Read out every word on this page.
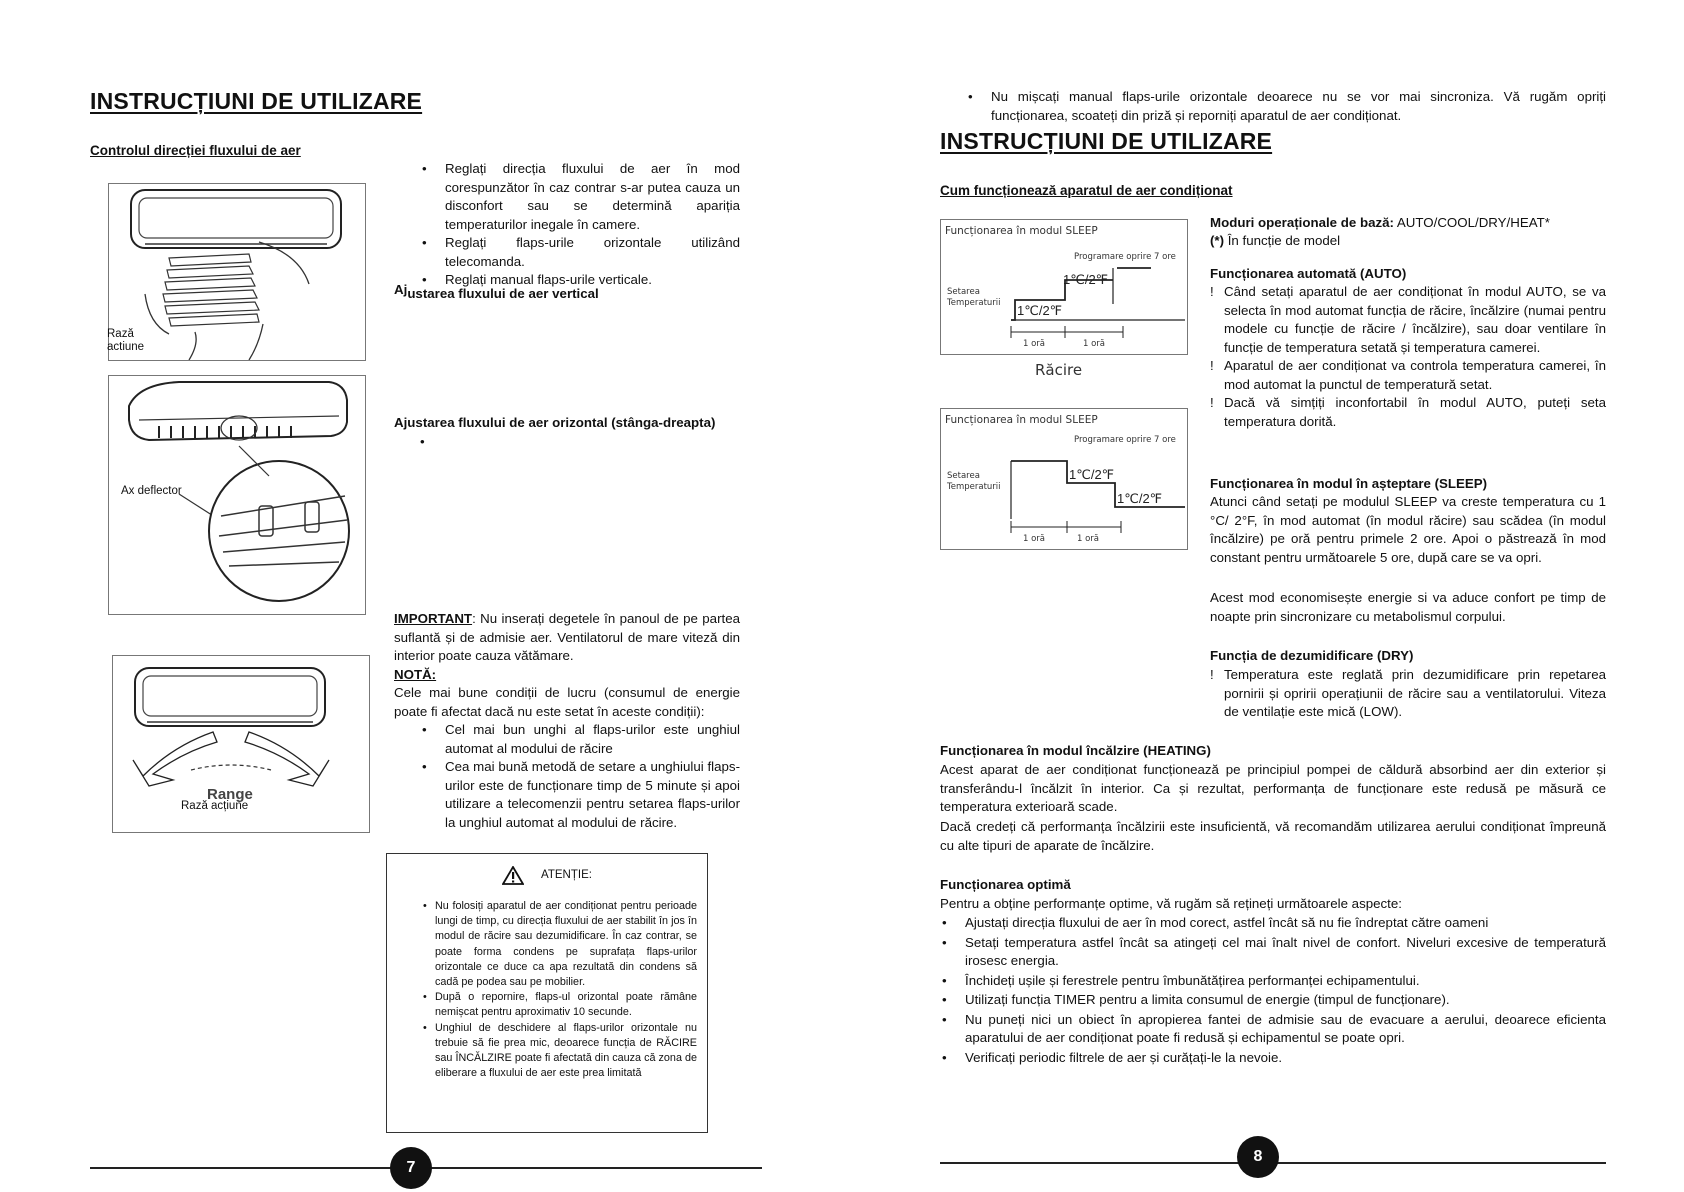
INSTRUCȚIUNI DE UTILIZARE
Controlul direcției fluxului de aer
• Reglați direcția fluxului de aer în mod corespunzător în caz contrar s-ar putea cauza un disconfort sau se determină apariția temperaturilor inegale în camere.
• Reglați flaps-urile orizontale utilizând telecomanda.
• Reglați manual flaps-urile verticale.
Ajustarea fluxului de aer vertical
Rază actiune
Ax deflector
Ajustarea fluxului de aer orizontal (stânga-dreapta)
•
Range
Rază acțiune
IMPORTANT: Nu inserați degetele în panoul de pe partea suflantă și de admisie aer. Ventilatorul de mare viteză din interior poate cauza vătămare.
NOTĂ:
Cele mai bune condiții de lucru (consumul de energie poate fi afectat dacă nu este setat în aceste condiții):
• Cel mai bun unghi al flaps-urilor este unghiul automat al modului de răcire
• Cea mai bună metodă de setare a unghiului flaps-urilor este de funcționare timp de 5 minute și apoi utilizare a telecomenzii pentru setarea flaps-urilor la unghiul automat al modului de răcire.
ATENȚIE:
• Nu folosiți aparatul de aer condiționat pentru perioade lungi de timp, cu direcția fluxului de aer stabilit în jos în modul de răcire sau dezumidificare. În caz contrar, se poate forma condens pe suprafața flaps-urilor orizontale ce duce ca apa rezultată din condens să cadă pe podea sau pe mobilier.
• După o repornire, flaps-ul orizontal poate rămâne nemișcat pentru aproximativ 10 secunde.
• Unghiul de deschidere al flaps-urilor orizontale nu trebuie să fie prea mic, deoarece funcția de RĂCIRE sau ÎNCĂLZIRE poate fi afectată din cauza că zona de eliberare a fluxului de aer este prea limitată
7
• Nu mișcați manual flaps-urile orizontale deoarece nu se vor mai sincroniza. Vă rugăm opriți funcționarea, scoateți din priză și reporniți aparatul de aer condiționat.
INSTRUCȚIUNI DE UTILIZARE
Cum funcționează aparatul de aer condiționat
Funcționarea în modul SLEEP
Programare oprire 7 ore
Setarea
Temperaturii 1℃/2℉
1℃/2℉
1 oră	1 oră
Răcire
Funcționarea în modul SLEEP
Programare oprire 7 ore
Setarea
Temperaturii
1℃/2℉
1℃/2℉
1 oră	1 oră
Moduri operaționale de bază: AUTO/COOL/DRY/HEAT*
(*) În funcție de model
Funcționarea automată (AUTO)
! Când setați aparatul de aer condiționat în modul AUTO, se va selecta în mod automat funcția de răcire, încălzire (numai pentru modele cu funcție de răcire / încălzire), sau doar ventilare în funcție de temperatura setată și temperatura camerei.
! Aparatul de aer condiționat va controla temperatura camerei, în mod automat la punctul de temperatură setat.
! Dacă vă simțiți inconfortabil în modul AUTO, puteți seta temperatura dorită.
Funcționarea în modul în așteptare (SLEEP)
Atunci când setați pe modulul SLEEP va creste temperatura cu 1 °C/ 2°F, în mod automat (în modul răcire) sau scădea (în modul încălzire) pe oră pentru primele 2 ore. Apoi o păstrează în mod constant pentru următoarele 5 ore, după care se va opri.
Acest mod economisește energie si va aduce confort pe timp de noapte prin sincronizare cu metabolismul corpului.
Funcția de dezumidificare (DRY)
! Temperatura este reglată prin dezumidificare prin repetarea pornirii și opririi operațiunii de răcire sau a ventilatorului. Viteza de ventilație este mică (LOW).
Funcționarea în modul încălzire (HEATING)
Acest aparat de aer condiționat funcționează pe principiul pompei de căldură absorbind aer din exterior și transferându-l încălzit în interior. Ca și rezultat, performanța de funcționare este redusă pe măsură ce temperatura exterioară scade.
Dacă credeți că performanța încălzirii este insuficientă, vă recomandăm utilizarea aerului condiționat împreună cu alte tipuri de aparate de încălzire.
Funcționarea optimă
Pentru a obține performanțe optime, vă rugăm să rețineți următoarele aspecte:
• Ajustați direcția fluxului de aer în mod corect, astfel încât să nu fie îndreptat către oameni
• Setați temperatura astfel încât sa atingeți cel mai înalt nivel de confort. Niveluri excesive de temperatură irosesc energia.
• Închideți ușile și ferestrele pentru îmbunătățirea performanței echipamentului.
• Utilizați funcția TIMER pentru a limita consumul de energie (timpul de funcționare).
• Nu puneți nici un obiect în apropierea fantei de admisie sau de evacuare a aerului, deoarece eficienta aparatului de aer condiționat poate fi redusă și echipamentul se poate opri.
• Verificați periodic filtrele de aer și curățați-le la nevoie.
8
